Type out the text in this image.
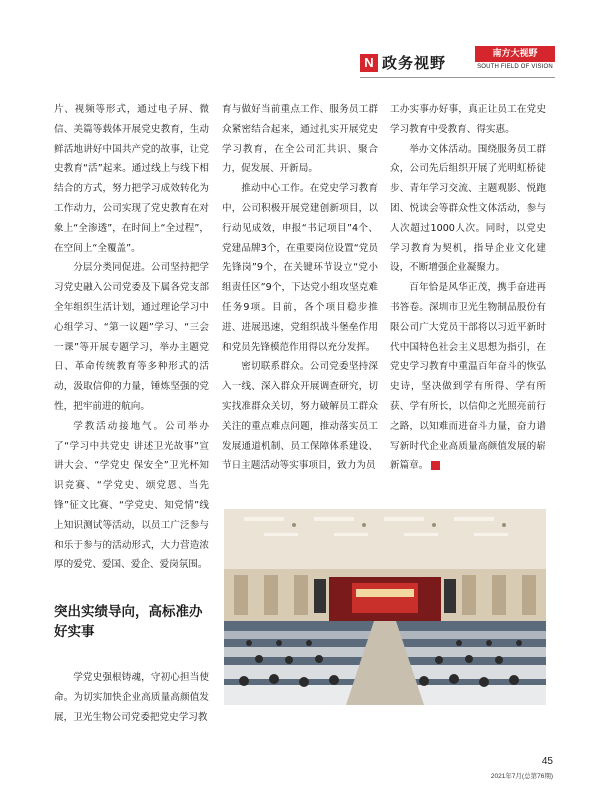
N 政务视野	南方大视野
SOUTH FIELD OF VISION

片、视频等形式，通过电子屏、微信、美篇等载体开展党史教育，生动鲜活地讲好中国共产党的故事，让党史教育“活”起来。通过线上与线下相结合的方式，努力把学习成效转化为工作动力，公司实现了党史教育在对象上“全渗透”，在时间上“全过程”，在空间上“全覆盖”。

分层分类同促进。公司坚持把学习党史融入公司党委及下属各党支部全年组织生活计划，通过理论学习中心组学习、“第一议题”学习、“三会一课”等开展专题学习，举办主题党日、革命传统教育等多种形式的活动，汲取信仰的力量，锤炼坚强的党性，把牢前进的航向。

学教活动接地气。公司举办了“学习中共党史 讲述卫光故事”宣讲大会、“学党史 保安全”卫光杯知识竞赛、“学党史、颂党恩、当先锋”征文比赛、“学党史、知党情”线上知识测试等活动，以员工广泛参与和乐于参与的活动形式，大力营造浓厚的爱党、爱国、爱企、爱岗氛围。

突出实绩导向，高标准办好实事

学党史强根铸魂，守初心担当使命。为切实加快企业高质量高颜值发展，卫光生物公司党委把党史学习教

育与做好当前重点工作、服务员工群众紧密结合起来，通过扎实开展党史学习教育，在全公司汇共识、聚合力，促发展、开新局。

推动中心工作。在党史学习教育中，公司积极开展党建创新项目，以行动见成效，申报“书记项目”4个、党建品牌3个，在重要岗位设置“党员先锋岗”9个，在关键环节设立“党小组责任区”9个，下达党小组攻坚克难任务9项。目前，各个项目稳步推进、进展迅速，党组织战斗堡垒作用和党员先锋模范作用得以充分发挥。

密切联系群众。公司党委坚持深入一线、深入群众开展调查研究，切实找准群众关切，努力破解员工群众关注的重点难点问题，推动落实员工发展通道机制、员工保障体系建设、节日主题活动等实事项目，致力为员

工办实事办好事，真正让员工在党史学习教育中受教育、得实惠。

举办文体活动。围绕服务员工群众，公司先后组织开展了光明虹桥徒步、青年学习交流、主题观影、悦跑团、悦读会等群众性文体活动，参与人次超过1000人次。同时，以党史学习教育为契机，指导企业文化建设，不断增强企业凝聚力。

百年恰是风华正茂，携手奋进再书答卷。深圳市卫光生物制品股份有限公司广大党员干部将以习近平新时代中国特色社会主义思想为指引，在党史学习教育中重温百年奋斗的恢弘史诗，坚决做到学有所得、学有所获、学有所长，以信仰之光照亮前行之路，以知难而进奋斗力量，奋力谱写新时代企业高质量高颜值发展的崭新篇章。	N

45
2021年7月(总第76期)
